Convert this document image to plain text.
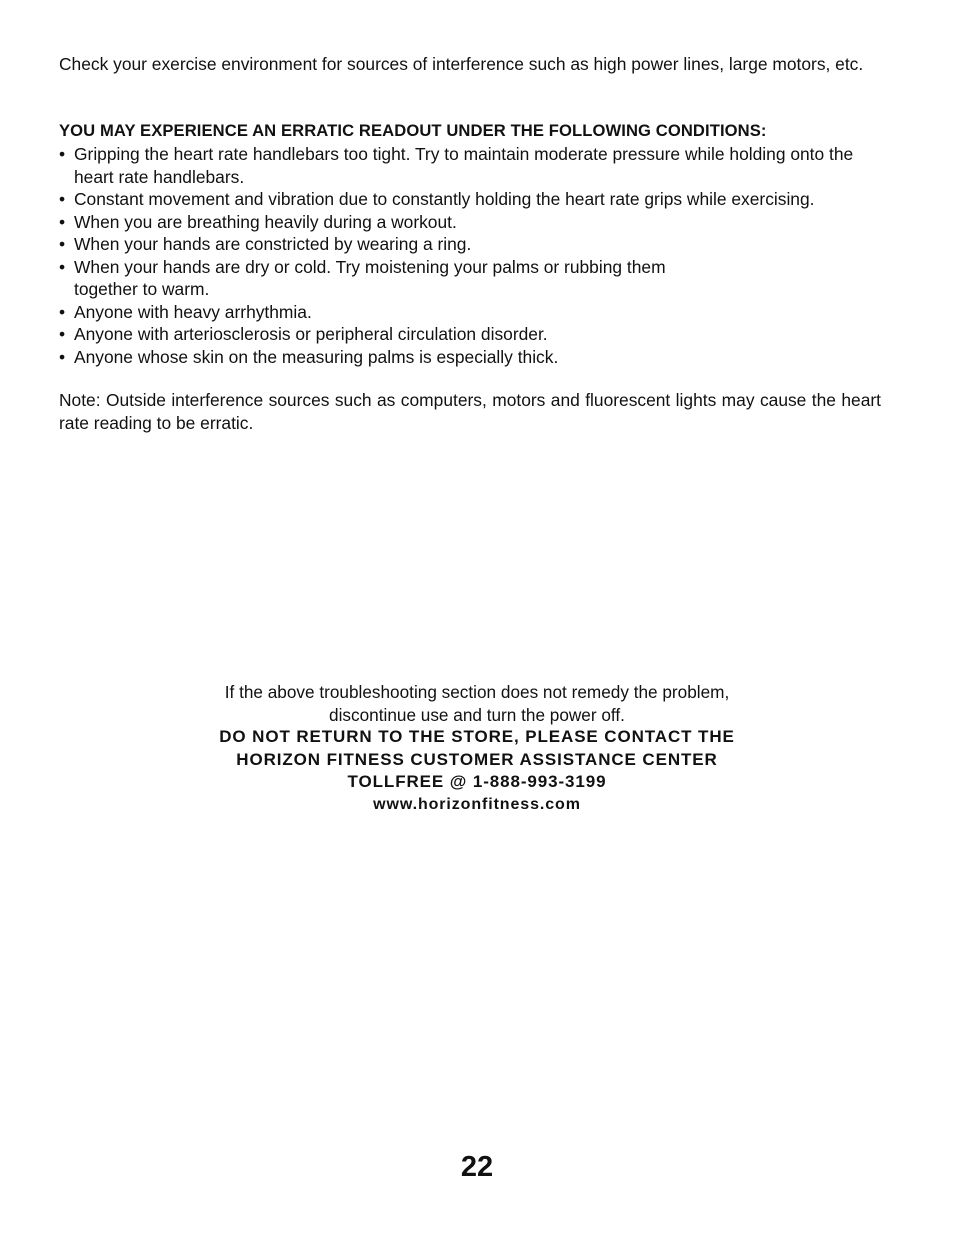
Check your exercise environment for sources of interference such as high power lines, large motors, etc.

YOU MAY EXPERIENCE AN ERRATIC READOUT UNDER THE FOLLOWING CONDITIONS:
• Gripping the heart rate handlebars too tight. Try to maintain moderate pressure while holding onto the heart rate handlebars.
• Constant movement and vibration due to constantly holding the heart rate grips while exercising.
• When you are breathing heavily during a workout.
• When your hands are constricted by wearing a ring.
• When your hands are dry or cold. Try moistening your palms or rubbing them together to warm.
• Anyone with heavy arrhythmia.
• Anyone with arteriosclerosis or peripheral circulation disorder.
• Anyone whose skin on the measuring palms is especially thick.

Note: Outside interference sources such as computers, motors and fluorescent lights may cause the heart rate reading to be erratic.

If the above troubleshooting section does not remedy the problem,
discontinue use and turn the power off.
DO NOT RETURN TO THE STORE, PLEASE CONTACT THE
HORIZON FITNESS CUSTOMER ASSISTANCE CENTER
TOLLFREE @ 1-888-993-3199
www.horizonfitness.com
22
